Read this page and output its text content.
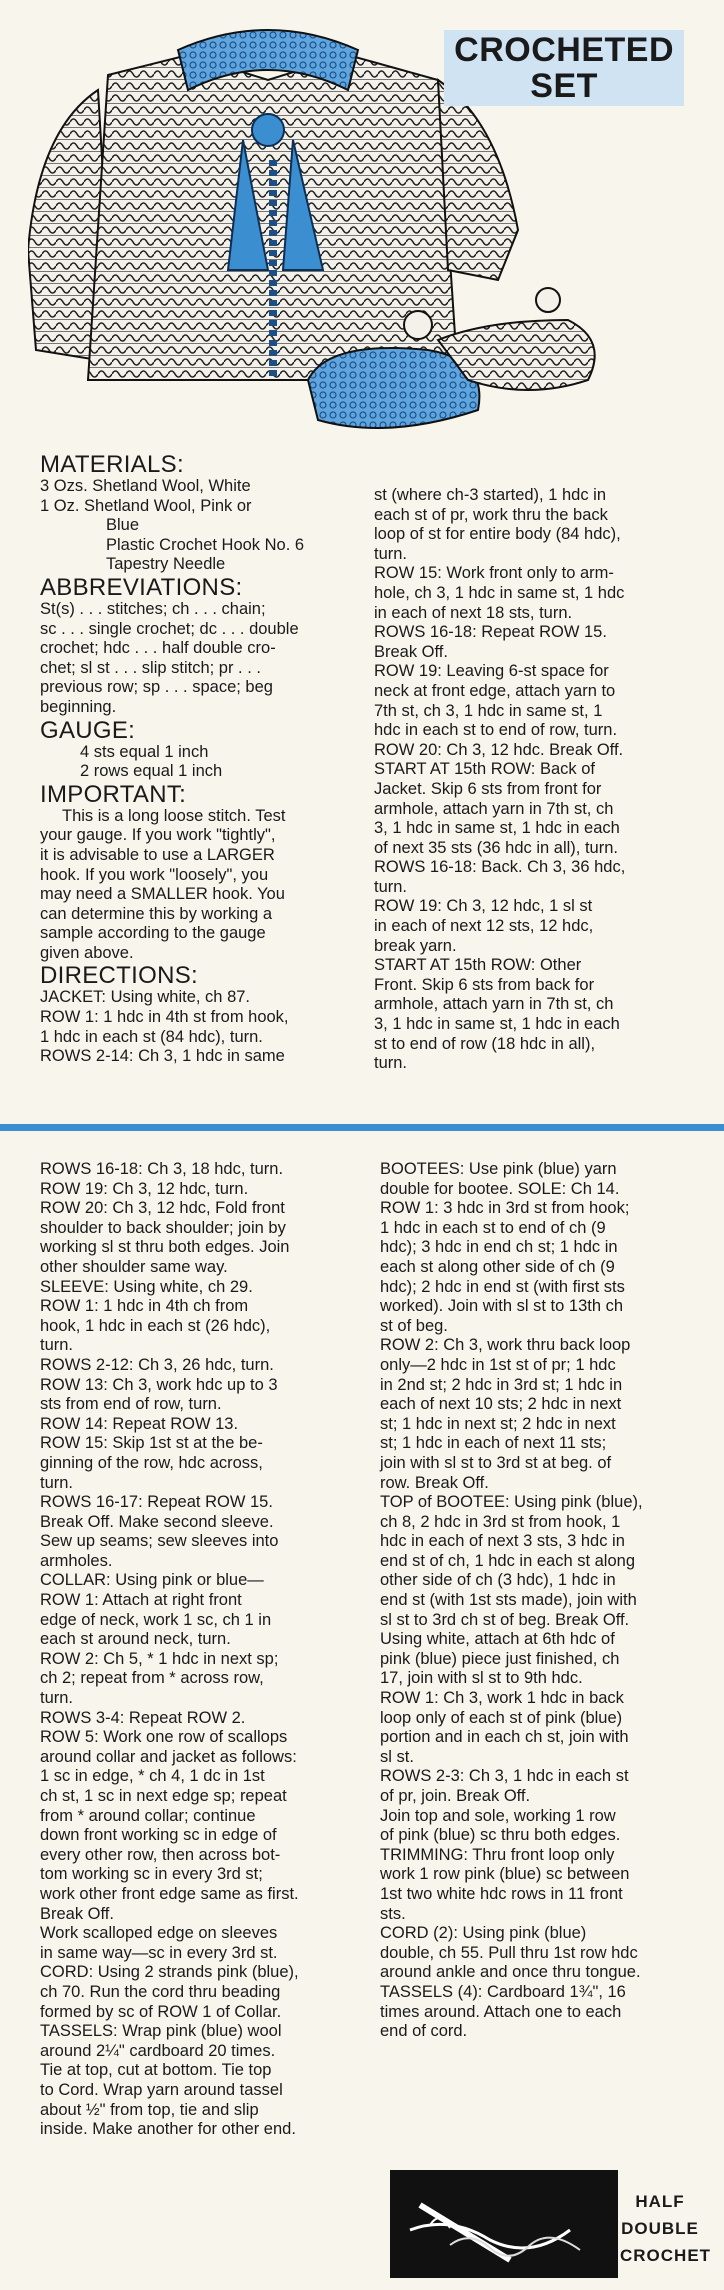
CROCHETED
SET

MATERIALS:

3 Ozs. Shetland Wool, White

1 Oz. Shetland Wool, Pink or

Blue

Plastic Crochet Hook No. 6

Tapestry Needle

ABBREVIATIONS:

St(s) . . . stitches; ch . . . chain;

sc . . . single crochet; dc . . . double

crochet; hdc . . . half double cro-

chet; sl st . . . slip stitch; pr . . .

previous row; sp . . . space; beg

beginning.

GAUGE:

4 sts equal 1 inch

2 rows equal 1 inch

IMPORTANT:

This is a long loose stitch. Test

your gauge. If you work "tightly",

it is advisable to use a LARGER

hook. If you work "loosely", you

may need a SMALLER hook. You

can determine this by working a

sample according to the gauge

given above.

DIRECTIONS:

JACKET: Using white, ch 87.

ROW 1: 1 hdc in 4th st from hook,

1 hdc in each st (84 hdc), turn.

ROWS 2-14: Ch 3, 1 hdc in same

st (where ch-3 started), 1 hdc in

each st of pr, work thru the back

loop of st for entire body (84 hdc),

turn.

ROW 15: Work front only to arm-

hole, ch 3, 1 hdc in same st, 1 hdc

in each of next 18 sts, turn.

ROWS 16-18: Repeat ROW 15.

Break Off.

ROW 19: Leaving 6-st space for

neck at front edge, attach yarn to

7th st, ch 3, 1 hdc in same st, 1

hdc in each st to end of row, turn.

ROW 20: Ch 3, 12 hdc. Break Off.

START AT 15th ROW: Back of

Jacket. Skip 6 sts from front for

armhole, attach yarn in 7th st, ch

3, 1 hdc in same st, 1 hdc in each

of next 35 sts (36 hdc in all), turn.

ROWS 16-18: Back. Ch 3, 36 hdc,

turn.

ROW 19: Ch 3, 12 hdc, 1 sl st

in each of next 12 sts, 12 hdc,

break yarn.

START AT 15th ROW: Other

Front. Skip 6 sts from back for

armhole, attach yarn in 7th st, ch

3, 1 hdc in same st, 1 hdc in each

st to end of row (18 hdc in all),

turn.

ROWS 16-18: Ch 3, 18 hdc, turn.

ROW 19: Ch 3, 12 hdc, turn.

ROW 20: Ch 3, 12 hdc, Fold front

shoulder to back shoulder; join by

working sl st thru both edges. Join

other shoulder same way.

SLEEVE: Using white, ch 29.

ROW 1: 1 hdc in 4th ch from

hook, 1 hdc in each st (26 hdc),

turn.

ROWS 2-12: Ch 3, 26 hdc, turn.

ROW 13: Ch 3, work hdc up to 3

sts from end of row, turn.

ROW 14: Repeat ROW 13.

ROW 15: Skip 1st st at the be-

ginning of the row, hdc across,

turn.

ROWS 16-17: Repeat ROW 15.

Break Off. Make second sleeve.

Sew up seams; sew sleeves into

armholes.

COLLAR: Using pink or blue—

ROW 1: Attach at right front

edge of neck, work 1 sc, ch 1 in

each st around neck, turn.

ROW 2: Ch 5, * 1 hdc in next sp;

ch 2; repeat from * across row,

turn.

ROWS 3-4: Repeat ROW 2.

ROW 5: Work one row of scallops

around collar and jacket as follows:

1 sc in edge, * ch 4, 1 dc in 1st

ch st, 1 sc in next edge sp; repeat

from * around collar; continue

down front working sc in edge of

every other row, then across bot-

tom working sc in every 3rd st;

work other front edge same as first.

Break Off.

Work scalloped edge on sleeves

in same way—sc in every 3rd st.

CORD: Using 2 strands pink (blue),

ch 70. Run the cord thru beading

formed by sc of ROW 1 of Collar.

TASSELS: Wrap pink (blue) wool

around 2¼" cardboard 20 times.

Tie at top, cut at bottom. Tie top

to Cord. Wrap yarn around tassel

about ½" from top, tie and slip

inside. Make another for other end.

BOOTEES: Use pink (blue) yarn

double for bootee. SOLE: Ch 14.

ROW 1: 3 hdc in 3rd st from hook;

1 hdc in each st to end of ch (9

hdc); 3 hdc in end ch st; 1 hdc in

each st along other side of ch (9

hdc); 2 hdc in end st (with first sts

worked). Join with sl st to 13th ch

st of beg.

ROW 2: Ch 3, work thru back loop

only—2 hdc in 1st st of pr; 1 hdc

in 2nd st; 2 hdc in 3rd st; 1 hdc in

each of next 10 sts; 2 hdc in next

st; 1 hdc in next st; 2 hdc in next

st; 1 hdc in each of next 11 sts;

join with sl st to 3rd st at beg. of

row. Break Off.

TOP of BOOTEE: Using pink (blue),

ch 8, 2 hdc in 3rd st from hook, 1

hdc in each of next 3 sts, 3 hdc in

end st of ch, 1 hdc in each st along

other side of ch (3 hdc), 1 hdc in

end st (with 1st sts made), join with

sl st to 3rd ch st of beg. Break Off.

Using white, attach at 6th hdc of

pink (blue) piece just finished, ch

17, join with sl st to 9th hdc.

ROW 1: Ch 3, work 1 hdc in back

loop only of each st of pink (blue)

portion and in each ch st, join with

sl st.

ROWS 2-3: Ch 3, 1 hdc in each st

of pr, join. Break Off.

Join top and sole, working 1 row

of pink (blue) sc thru both edges.

TRIMMING: Thru front loop only

work 1 row pink (blue) sc between

1st two white hdc rows in 11 front

sts.

CORD (2): Using pink (blue)

double, ch 55. Pull thru 1st row hdc

around ankle and once thru tongue.

TASSELS (4): Cardboard 1¾", 16

times around. Attach one to each

end of cord.

HALF
DOUBLE
CROCHET
